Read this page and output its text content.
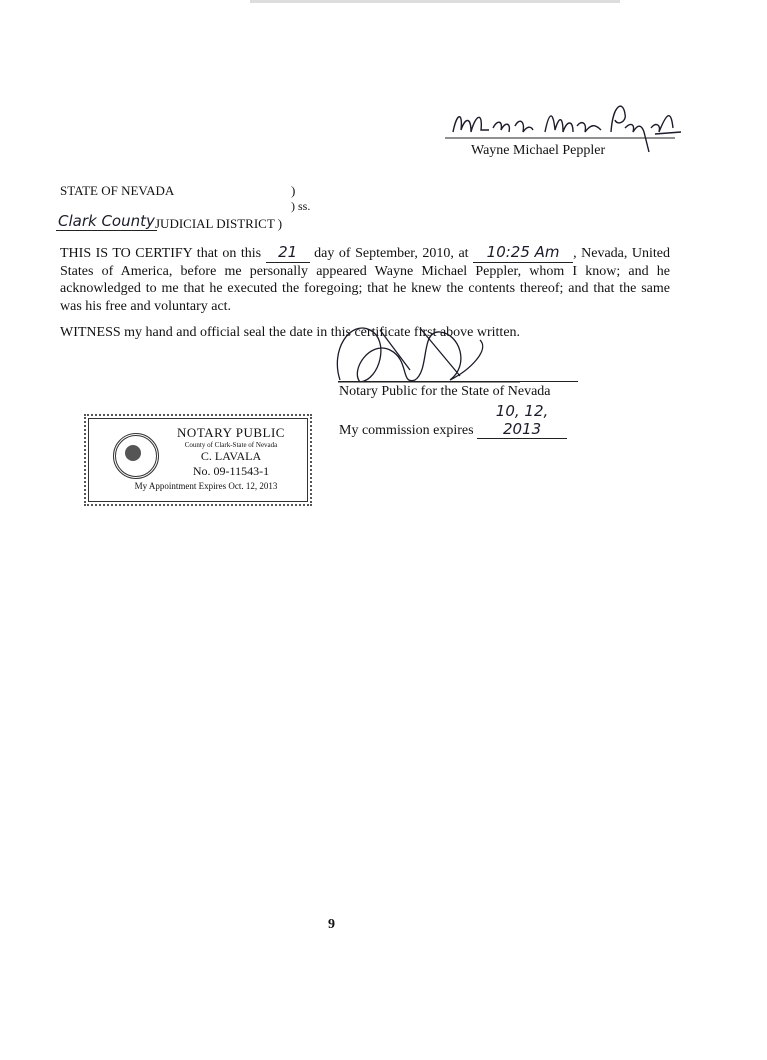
Wayne Michael Peppler
STATE OF NEVADA	)
) ss.
Clark County JUDICIAL DISTRICT )
THIS IS TO CERTIFY that on this 21 day of September, 2010, at 10:25 Am , Nevada, United States of America, before me personally appeared Wayne Michael Peppler, whom I know; and he acknowledged to me that he executed the foregoing; that he knew the contents thereof; and that the same was his free and voluntary act.
WITNESS my hand and official seal the date in this certificate first above written.
Notary Public for the State of Nevada
My commission expires 10, 12, 2013
NOTARY PUBLIC
County of Clark-State of Nevada
C. LAVALA
No. 09-11543-1
My Appointment Expires Oct. 12, 2013
9
